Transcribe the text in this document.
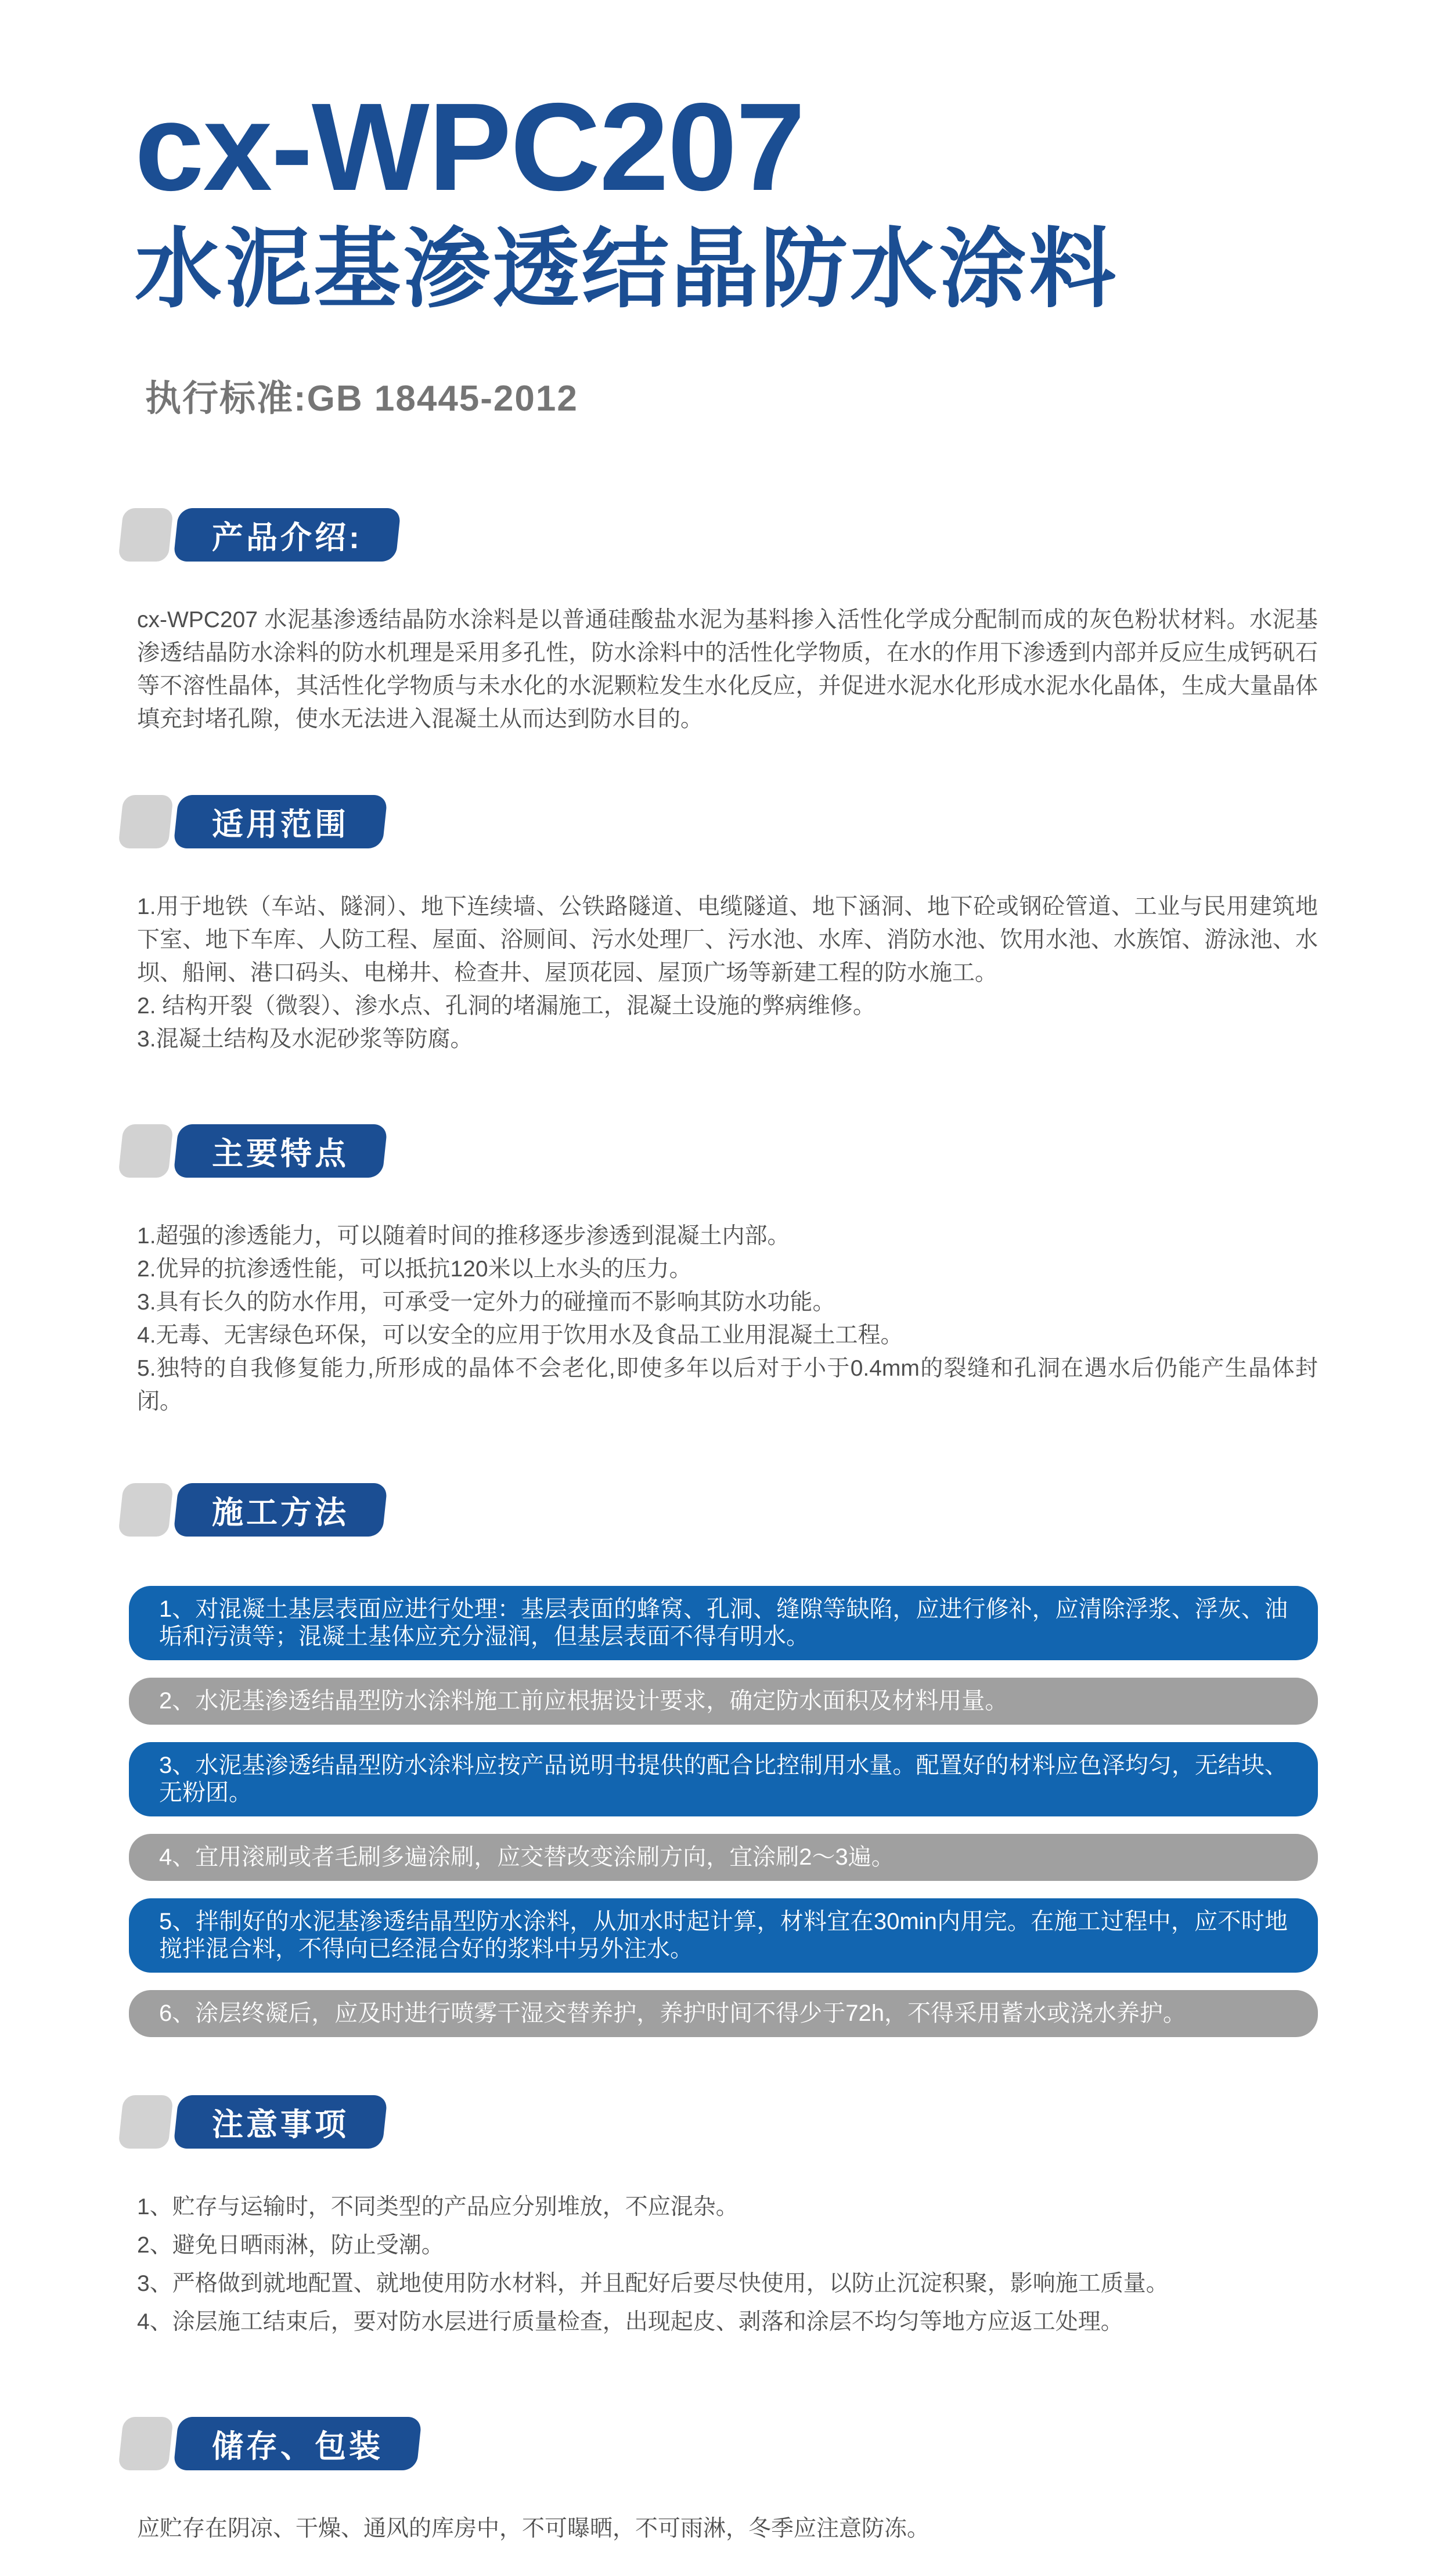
cx-WPC207
水泥基渗透结晶防水涂料
执行标准:GB 18445-2012
产品介绍:

cx-WPC207 水泥基渗透结晶防水涂料是以普通硅酸盐水泥为基料掺入活性化学成分配制而成的灰色粉状材料。水泥基渗透结晶防水涂料的防水机理是采用多孔性，防水涂料中的活性化学物质，在水的作用下渗透到内部并反应生成钙矾石等不溶性晶体，其活性化学物质与未水化的水泥颗粒发生水化反应，并促进水泥水化形成水泥水化晶体，生成大量晶体填充封堵孔隙，使水无法进入混凝土从而达到防水目的。

适用范围

1.用于地铁（车站、隧洞）、地下连续墙、公铁路隧道、电缆隧道、地下涵洞、地下砼或钢砼管道、工业与民用建筑地下室、地下车库、人防工程、屋面、浴厕间、污水处理厂、污水池、水库、消防水池、饮用水池、水族馆、游泳池、水坝、船闸、港口码头、电梯井、检查井、屋顶花园、屋顶广场等新建工程的防水施工。

2. 结构开裂（微裂）、渗水点、孔洞的堵漏施工，混凝土设施的弊病维修。

3.混凝土结构及水泥砂浆等防腐。

主要特点

1.超强的渗透能力，可以随着时间的推移逐步渗透到混凝土内部。

2.优异的抗渗透性能，可以抵抗120米以上水头的压力。

3.具有长久的防水作用，可承受一定外力的碰撞而不影响其防水功能。

4.无毒、无害绿色环保，可以安全的应用于饮用水及食品工业用混凝土工程。

5.独特的自我修复能力,所形成的晶体不会老化,即使多年以后对于小于0.4mm的裂缝和孔洞在遇水后仍能产生晶体封闭。

施工方法
1、对混凝土基层表面应进行处理：基层表面的蜂窝、孔洞、缝隙等缺陷，应进行修补，应清除浮浆、浮灰、油垢和污渍等；混凝土基体应充分湿润，但基层表面不得有明水。
2、水泥基渗透结晶型防水涂料施工前应根据设计要求，确定防水面积及材料用量。
3、水泥基渗透结晶型防水涂料应按产品说明书提供的配合比控制用水量。配置好的材料应色泽均匀，无结块、无粉团。
4、宜用滚刷或者毛刷多遍涂刷，应交替改变涂刷方向，宜涂刷2～3遍。
5、拌制好的水泥基渗透结晶型防水涂料，从加水时起计算，材料宜在30min内用完。在施工过程中，应不时地搅拌混合料，不得向已经混合好的浆料中另外注水。
6、涂层终凝后，应及时进行喷雾干湿交替养护，养护时间不得少于72h，不得采用蓄水或浇水养护。
注意事项

1、贮存与运输时，不同类型的产品应分别堆放，不应混杂。

2、避免日晒雨淋，防止受潮。

3、严格做到就地配置、就地使用防水材料，并且配好后要尽快使用，以防止沉淀积聚，影响施工质量。

4、涂层施工结束后，要对防水层进行质量检查，出现起皮、剥落和涂层不均匀等地方应返工处理。

储存、包装

应贮存在阴凉、干燥、通风的库房中，不可曝晒，不可雨淋，冬季应注意防冻。
